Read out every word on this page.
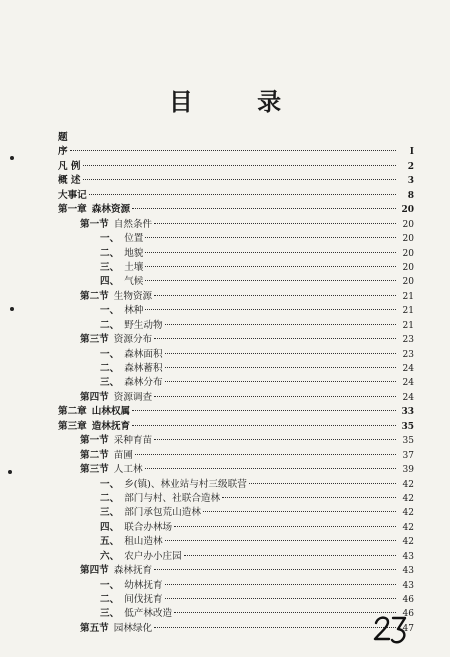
目 录
题
序	I
凡 例	2
概 述	3
大事记	8
第一章 森林资源	20
第一节 自然条件	20
一、 位置	20
二、 地貌	20
三、 土壤	20
四、 气候	20
第二节 生物资源	21
一、 林种	21
二、 野生动物	21
第三节 资源分布	23
一、 森林面积	23
二、 森林蓄积	24
三、 森林分布	24
第四节 资源调查	24
第二章 山林权属	33
第三章 造林抚育	35
第一节 采种育苗	35
第二节 苗圃	37
第三节 人工林	39
一、 乡(镇)、林业站与村三级联营	42
二、 部门与村、社联合造林	42
三、 部门承包荒山造林	42
四、 联合办林场	42
五、 租山造林	42
六、 农户办小庄园	43
第四节 森林抚育	43
一、 幼林抚育	43
二、 间伐抚育	46
三、 低产林改造	46
第五节 园林绿化	47
